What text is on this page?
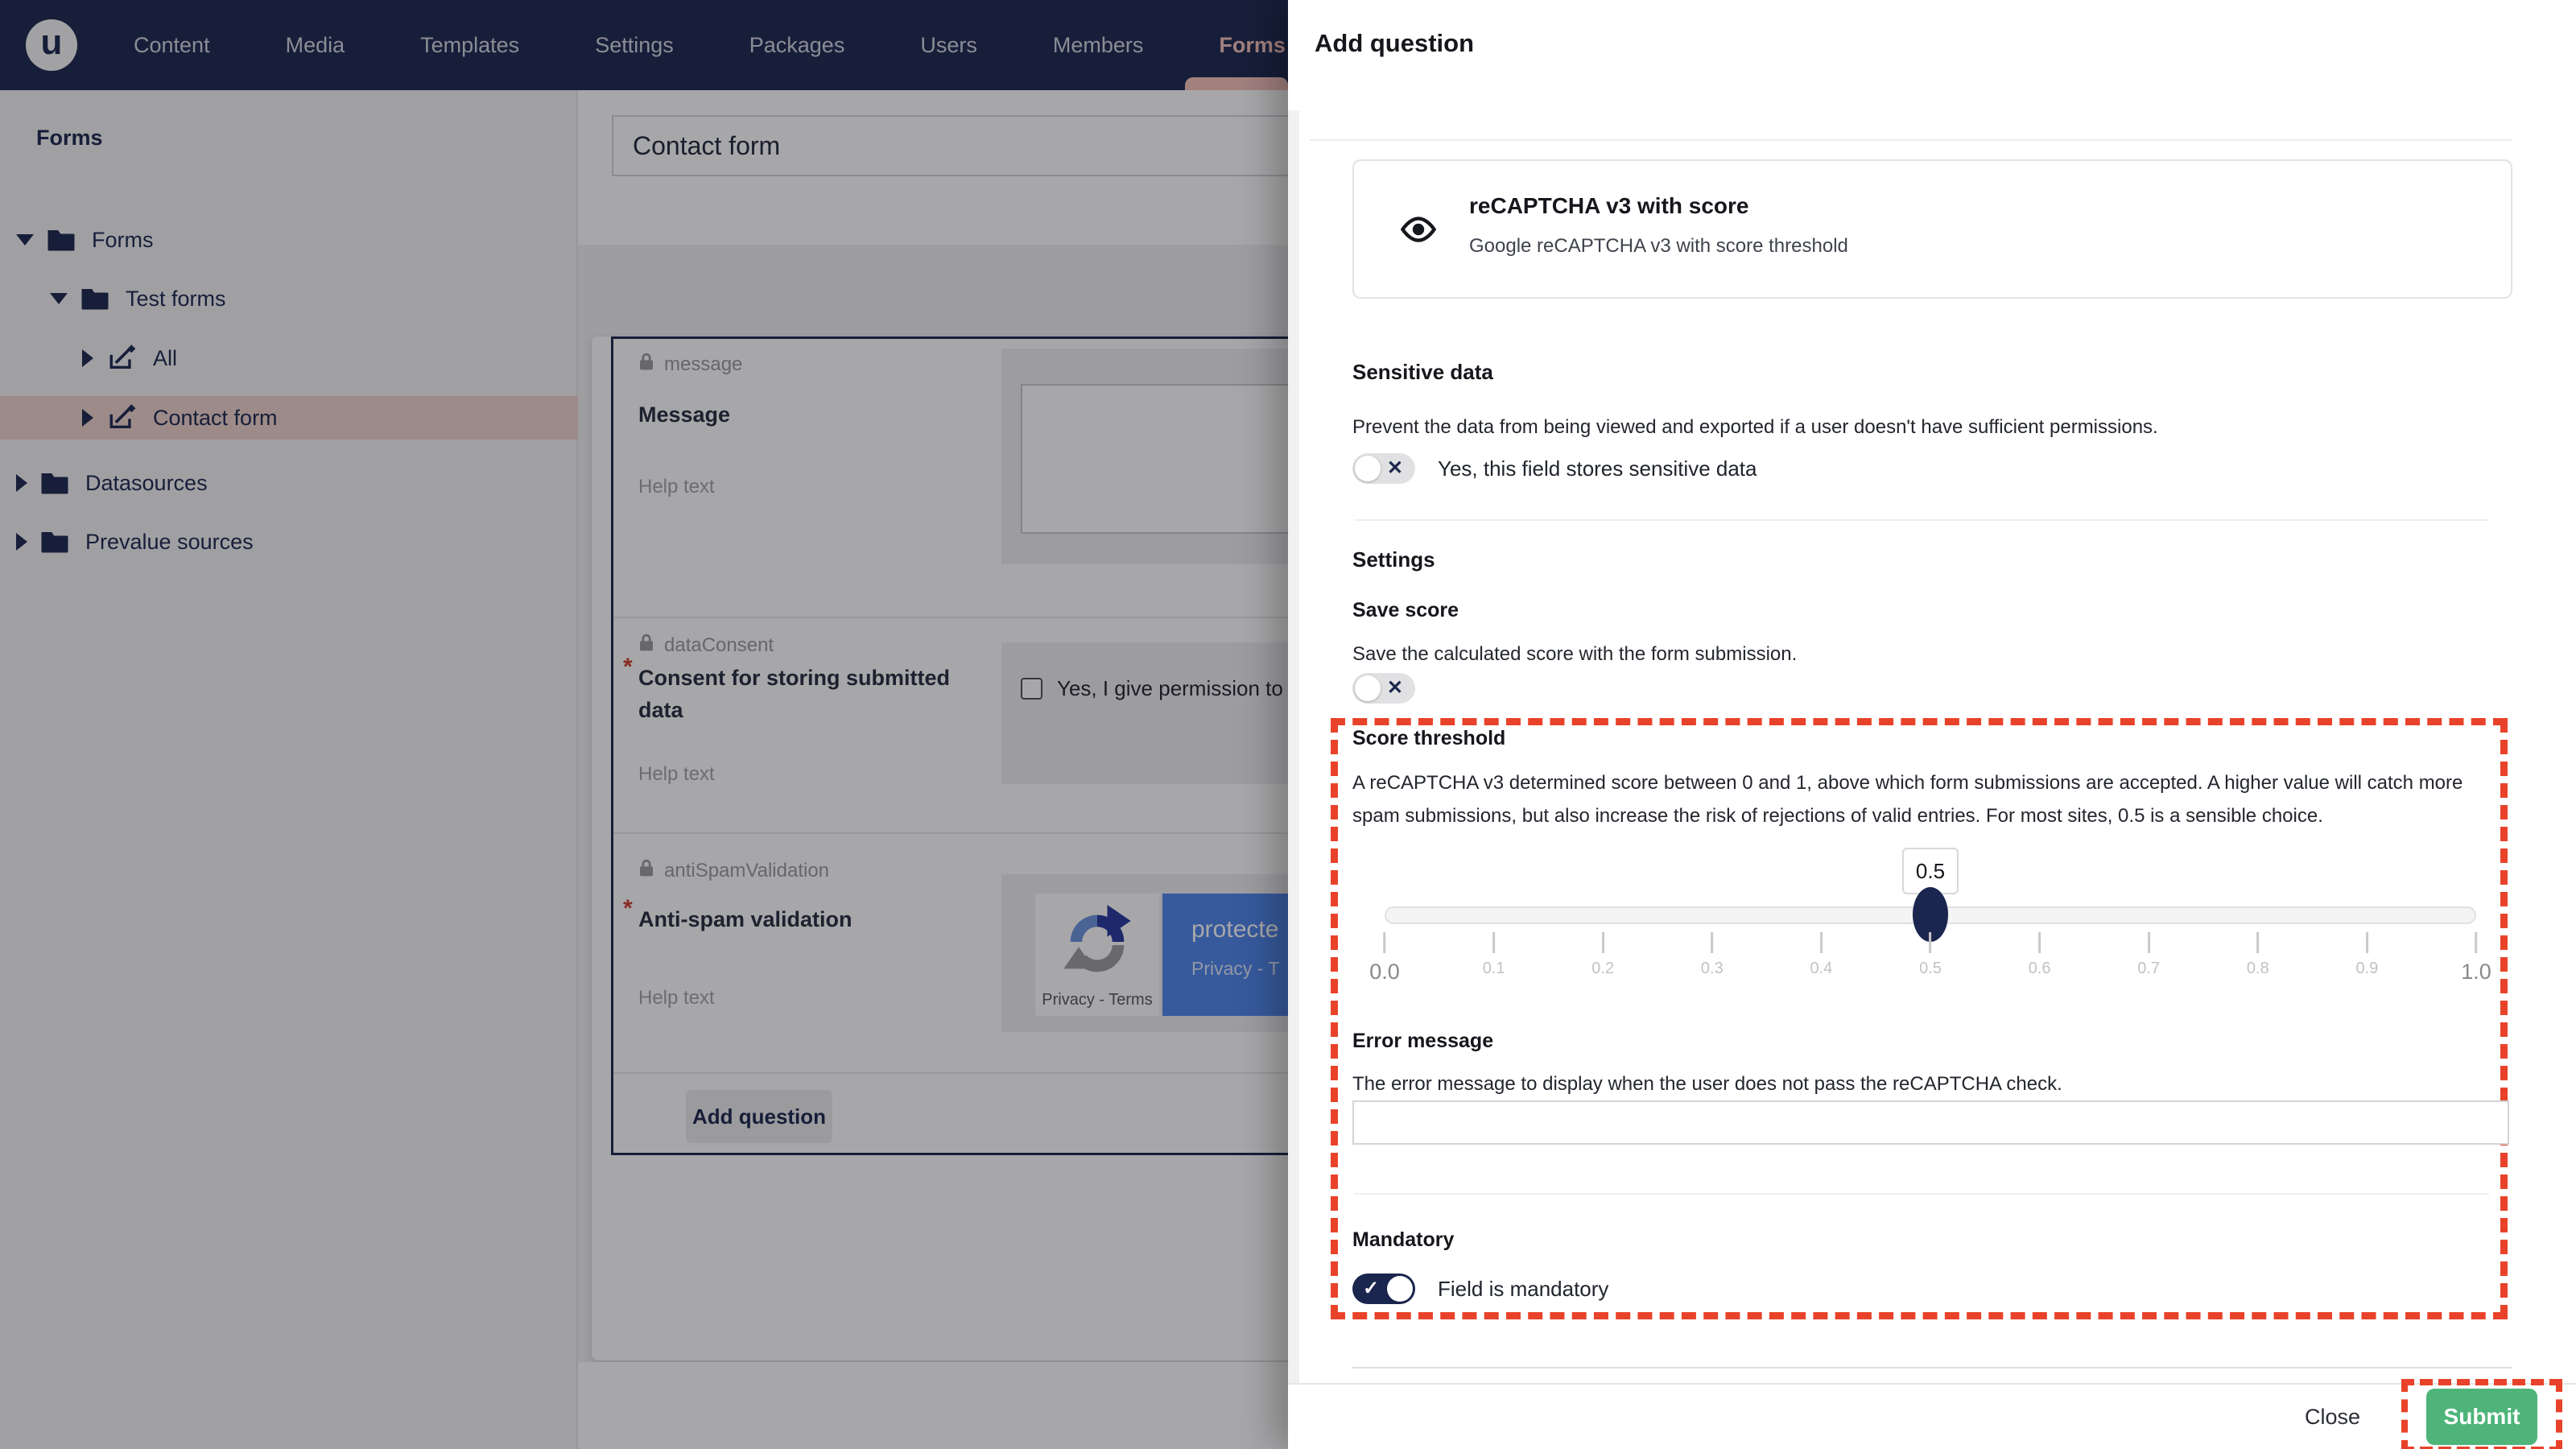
u	Content	Media	Templates	Settings	Packages	Users	Members	Forms
Forms
Forms
Test forms
All
Contact form
Datasources
Prevalue sources
Contact form
message
Message
Help text
dataConsent
* Consent for storing submitted data
Help text
Yes, I give permission to
antiSpamValidation
* Anti-spam validation
Help text	Privacy - Terms
protecte
Privacy - T
Add question
Add question
reCAPTCHA v3 with score
Google reCAPTCHA v3 with score threshold
Sensitive data

Prevent the data from being viewed and exported if a user doesn't have sufficient permissions.

✕ Yes, this field stores sensitive data
Settings
Save score

Save the calculated score with the form submission.

✕
Score threshold

A reCAPTCHA v3 determined score between 0 and 1, above which form submissions are accepted. A higher value will catch more spam submissions, but also increase the risk of rejections of valid entries. For most sites, 0.5 is a sensible choice.

0.5
0.0	0.1	0.2	0.3	0.4	0.5	0.6	0.7	0.8	0.9	1.0
Error message

The error message to display when the user does not pass the reCAPTCHA check.

Mandatory
✓	Field is mandatory
Close	Submit
